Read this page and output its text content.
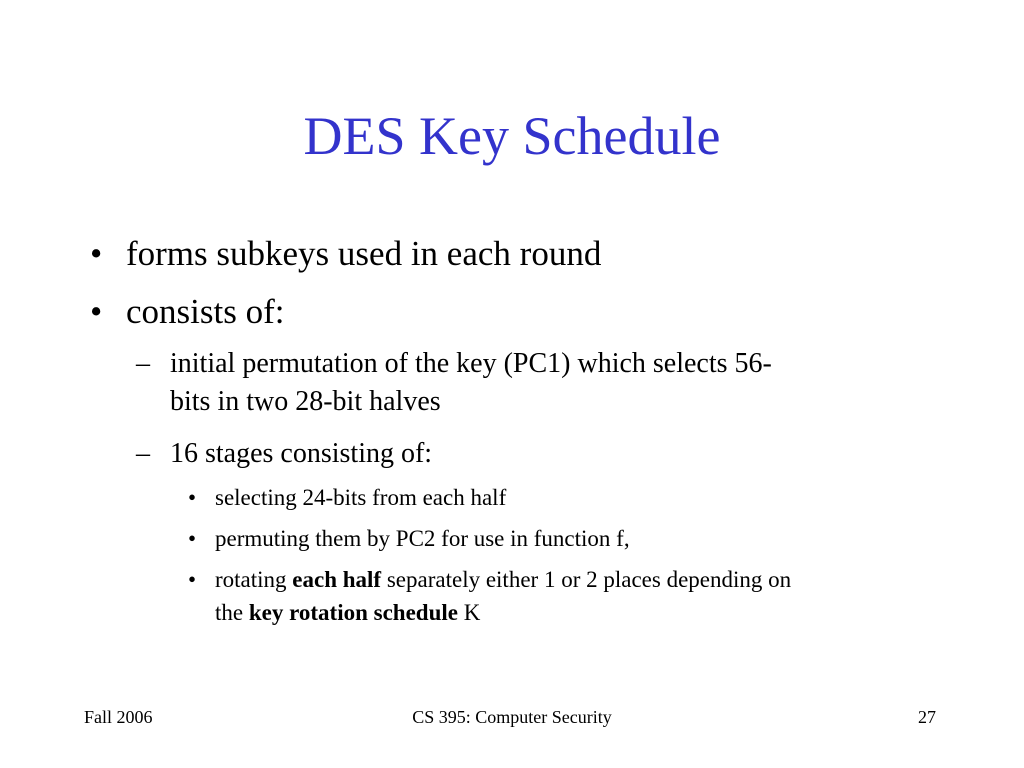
DES Key Schedule
• forms subkeys used in each round
• consists of:
– initial permutation of the key (PC1) which selects 56-
bits in two 28-bit halves
– 16 stages consisting of:
• selecting 24-bits from each half
• permuting them by PC2 for use in function f,
• rotating each half separately either 1 or 2 places depending on
the key rotation schedule K
Fall 2006	CS 395: Computer Security	27
